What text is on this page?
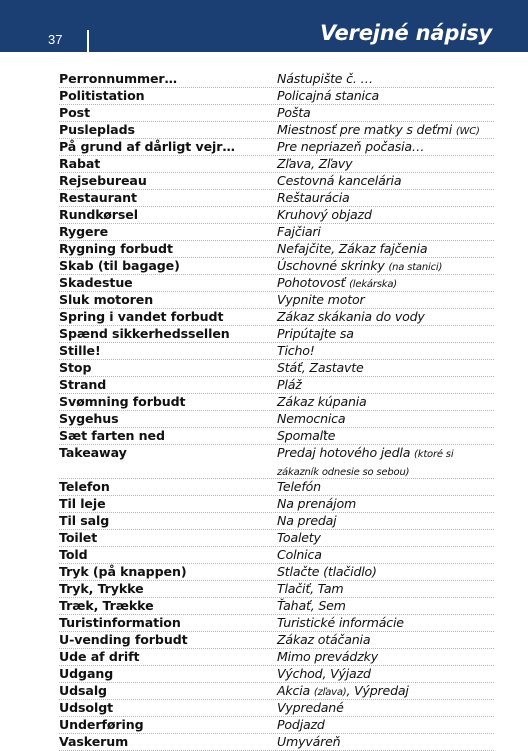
37	Verejné nápisy
Perronnummer…	Nástupište č. …
Politistation	Policajná stanica
Post	Pošta
Pusleplads	Miestnosť pre matky s deťmi (WC)
På grund af dårligt vejr…	Pre nepriazeň počasia…
Rabat	Zľava, Zľavy
Rejsebureau	Cestovná kancelária
Restaurant	Reštaurácia
Rundkørsel	Kruhový objazd
Rygere	Fajčiari
Rygning forbudt	Nefajčite, Zákaz fajčenia
Skab (til bagage)	Úschovné skrinky (na stanici)
Skadestue	Pohotovosť (lekárska)
Sluk motoren	Vypnite motor
Spring i vandet forbudt	Zákaz skákania do vody
Spænd sikkerhedssellen	Pripútajte sa
Stille!	Ticho!
Stop	Stáť, Zastavte
Strand	Pláž
Svømning forbudt	Zákaz kúpania
Sygehus	Nemocnica
Sæt farten ned	Spomaľte
Takeaway	Predaj hotového jedla (ktoré si zákazník odnesie so sebou)
Telefon	Telefón
Til leje	Na prenájom
Til salg	Na predaj
Toilet	Toalety
Told	Colnica
Tryk (på knappen)	Stlačte (tlačidlo)
Tryk, Trykke	Tlačiť, Tam
Træk, Trække	Ťahať, Sem
Turistinformation	Turistické informácie
U-vending forbudt	Zákaz otáčania
Ude af drift	Mimo prevádzky
Udgang	Východ, Výjazd
Udsalg	Akcia (zľava), Výpredaj
Udsolgt	Vypredané
Underføring	Podjazd
Vaskerum	Umyváreň
